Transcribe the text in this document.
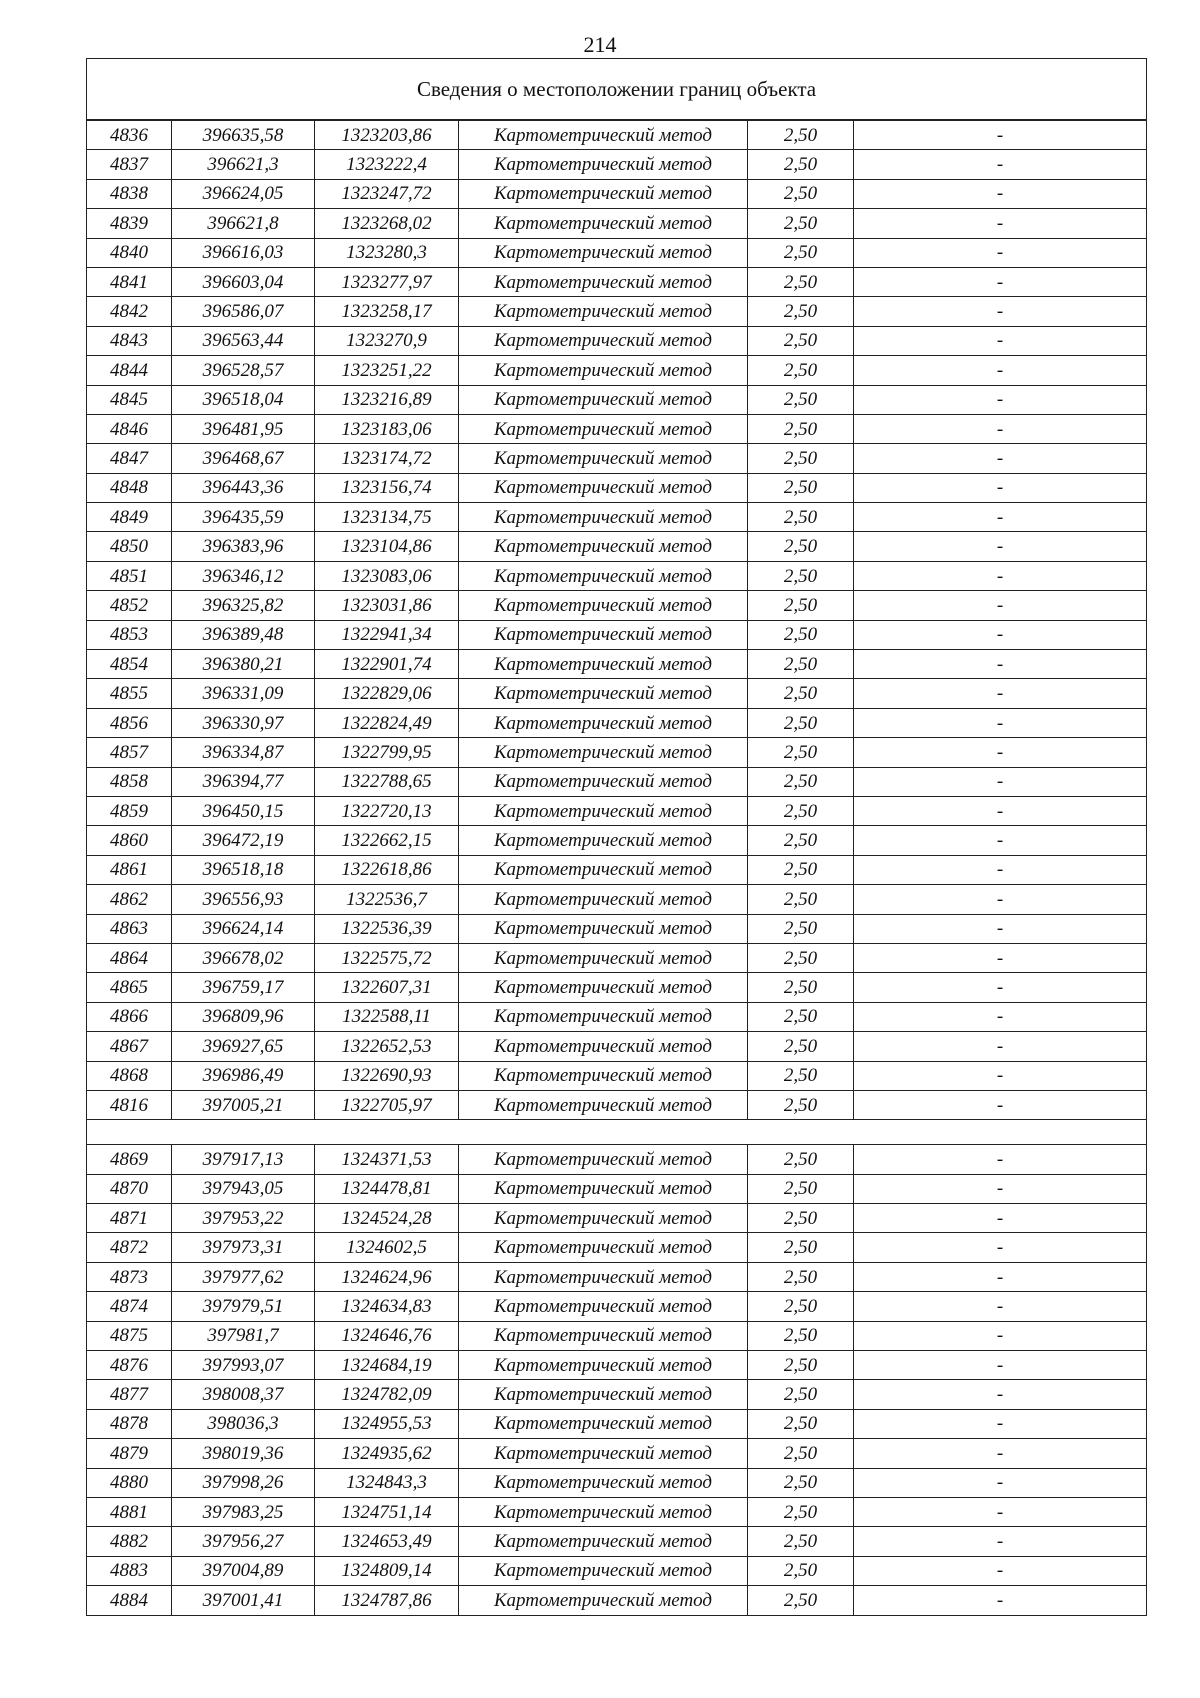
214
Сведения о местоположении границ объекта					
4836	396635,58	1323203,86	Картометрический метод	2,50	-
4837	396621,3	1323222,4	Картометрический метод	2,50	-
4838	396624,05	1323247,72	Картометрический метод	2,50	-
4839	396621,8	1323268,02	Картометрический метод	2,50	-
4840	396616,03	1323280,3	Картометрический метод	2,50	-
4841	396603,04	1323277,97	Картометрический метод	2,50	-
4842	396586,07	1323258,17	Картометрический метод	2,50	-
4843	396563,44	1323270,9	Картометрический метод	2,50	-
4844	396528,57	1323251,22	Картометрический метод	2,50	-
4845	396518,04	1323216,89	Картометрический метод	2,50	-
4846	396481,95	1323183,06	Картометрический метод	2,50	-
4847	396468,67	1323174,72	Картометрический метод	2,50	-
4848	396443,36	1323156,74	Картометрический метод	2,50	-
4849	396435,59	1323134,75	Картометрический метод	2,50	-
4850	396383,96	1323104,86	Картометрический метод	2,50	-
4851	396346,12	1323083,06	Картометрический метод	2,50	-
4852	396325,82	1323031,86	Картометрический метод	2,50	-
4853	396389,48	1322941,34	Картометрический метод	2,50	-
4854	396380,21	1322901,74	Картометрический метод	2,50	-
4855	396331,09	1322829,06	Картометрический метод	2,50	-
4856	396330,97	1322824,49	Картометрический метод	2,50	-
4857	396334,87	1322799,95	Картометрический метод	2,50	-
4858	396394,77	1322788,65	Картометрический метод	2,50	-
4859	396450,15	1322720,13	Картометрический метод	2,50	-
4860	396472,19	1322662,15	Картометрический метод	2,50	-
4861	396518,18	1322618,86	Картометрический метод	2,50	-
4862	396556,93	1322536,7	Картометрический метод	2,50	-
4863	396624,14	1322536,39	Картометрический метод	2,50	-
4864	396678,02	1322575,72	Картометрический метод	2,50	-
4865	396759,17	1322607,31	Картометрический метод	2,50	-
4866	396809,96	1322588,11	Картометрический метод	2,50	-
4867	396927,65	1322652,53	Картометрический метод	2,50	-
4868	396986,49	1322690,93	Картометрический метод	2,50	-
4816	397005,21	1322705,97	Картометрический метод	2,50	-

4869	397917,13	1324371,53	Картометрический метод	2,50	-
4870	397943,05	1324478,81	Картометрический метод	2,50	-
4871	397953,22	1324524,28	Картометрический метод	2,50	-
4872	397973,31	1324602,5	Картометрический метод	2,50	-
4873	397977,62	1324624,96	Картометрический метод	2,50	-
4874	397979,51	1324634,83	Картометрический метод	2,50	-
4875	397981,7	1324646,76	Картометрический метод	2,50	-
4876	397993,07	1324684,19	Картометрический метод	2,50	-
4877	398008,37	1324782,09	Картометрический метод	2,50	-
4878	398036,3	1324955,53	Картометрический метод	2,50	-
4879	398019,36	1324935,62	Картометрический метод	2,50	-
4880	397998,26	1324843,3	Картометрический метод	2,50	-
4881	397983,25	1324751,14	Картометрический метод	2,50	-
4882	397956,27	1324653,49	Картометрический метод	2,50	-
4883	397004,89	1324809,14	Картометрический метод	2,50	-
4884	397001,41	1324787,86	Картометрический метод	2,50	-
